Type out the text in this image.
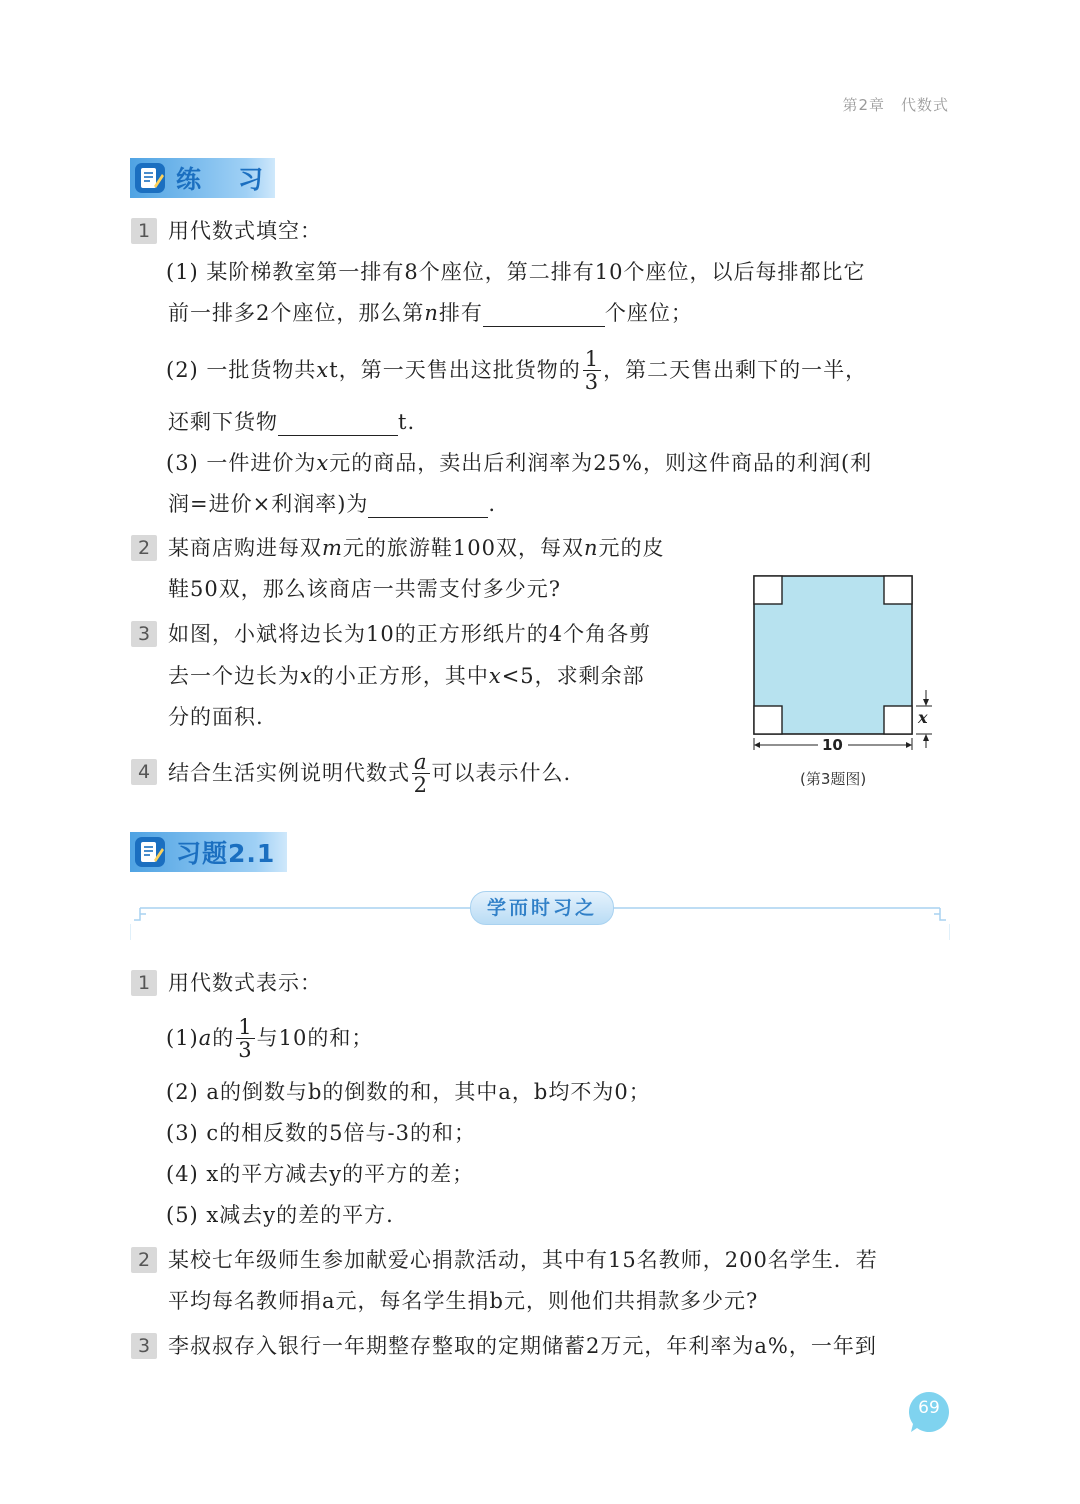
第2章　代数式
练　习
1 用代数式填空：
(1) 某阶梯教室第一排有8个座位，第二排有10个座位，以后每排都比它
前一排多2个座位，那么第n排有	个座位；
(2) 一批货物共 x t，第一天售出这批货物的 $\frac{1}{3}$ ，第二天售出剩下的一半，
还剩下货物	t.
(3) 一件进价为x元的商品，卖出后利润率为25%，则这件商品的利润(利
润=进价×利润率)为	.
2 某商店购进每双m元的旅游鞋100双，每双n元的皮
鞋50双，那么该商店一共需支付多少元?
3 如图，小斌将边长为10的正方形纸片的4个角各剪
去一个边长为x的小正方形，其中x<5，求剩余部
分的面积.
4 结合生活实例说明代数式 $\frac{a}{2}$ 可以表示什么.
10
x
(第3题图)
习题2.1
学而时习之
1 用代数式表示：
(1) a 的 $\frac{1}{3}$ 与10的和；
(2) a的倒数与b的倒数的和，其中a，b均不为0；
(3) c的相反数的5倍与-3的和；
(4) x的平方减去y的平方的差；
(5) x减去y的差的平方.
2 某校七年级师生参加献爱心捐款活动，其中有15名教师，200名学生．若
平均每名教师捐a元，每名学生捐b元，则他们共捐款多少元?
3 李叔叔存入银行一年期整存整取的定期储蓄2万元，年利率为a%，一年到
69
